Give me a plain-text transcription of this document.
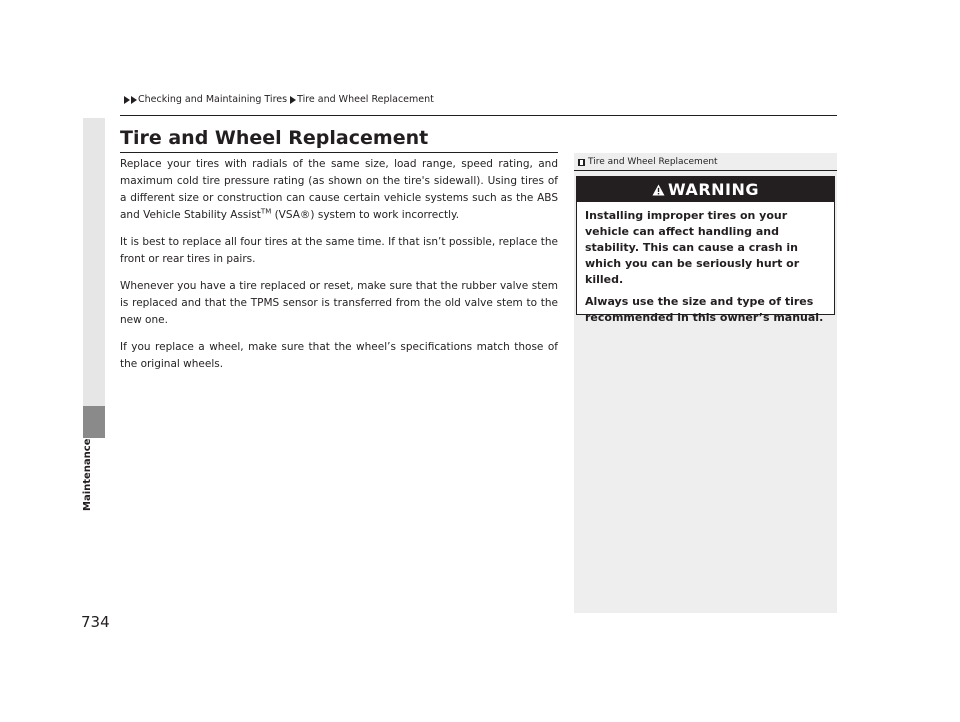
Checking and Maintaining Tires Tire and Wheel Replacement
Maintenance
734
Tire and Wheel Replacement

Replace your tires with radials of the same size, load range, speed rating, and maximum cold tire pressure rating (as shown on the tire's sidewall). Using tires of a different size or construction can cause certain vehicle systems such as the ABS and Vehicle Stability Assist™ (VSA®) system to work incorrectly.

It is best to replace all four tires at the same time. If that isn’t possible, replace the front or rear tires in pairs.

Whenever you have a tire replaced or reset, make sure that the rubber valve stem is replaced and that the TPMS sensor is transferred from the old valve stem to the new one.

If you replace a wheel, make sure that the wheel’s specifications match those of the original wheels.

Tire and Wheel Replacement
WARNING

Installing improper tires on your vehicle can affect handling and stability. This can cause a crash in which you can be seriously hurt or killed.

Always use the size and type of tires recommended in this owner’s manual.
